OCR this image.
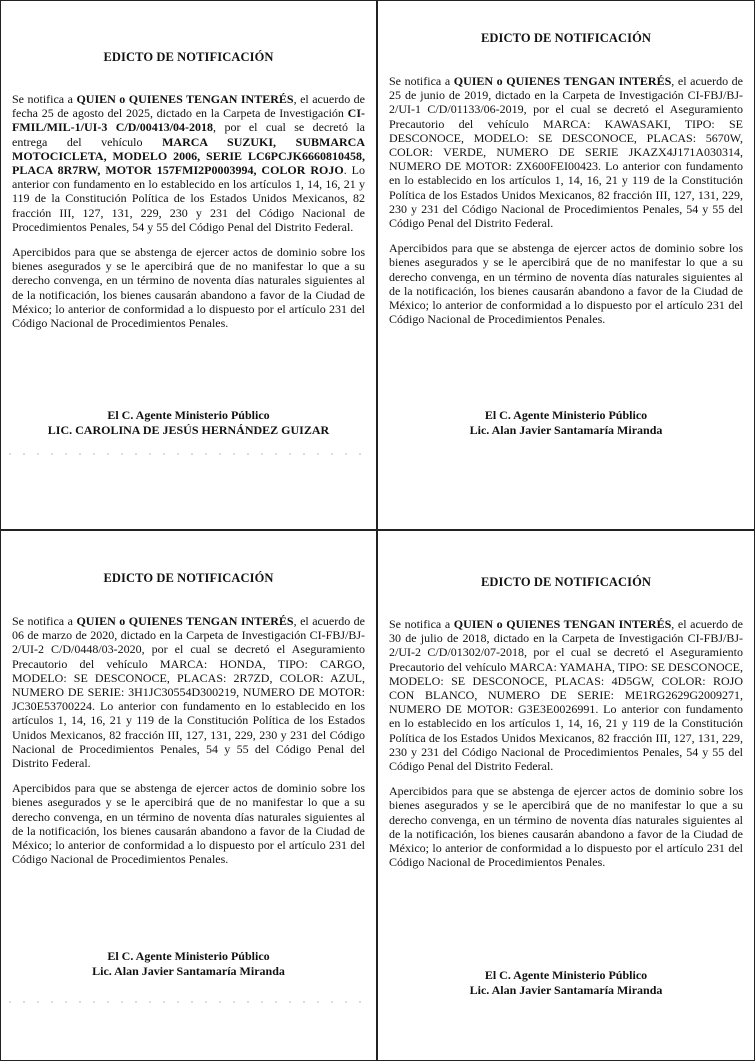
EDICTO DE NOTIFICACIÓN

Se notifica a QUIEN o QUIENES TENGAN INTERÉS, el acuerdo de fecha 25 de agosto del 2025, dictado en la Carpeta de Investigación CI-FMIL/MIL-1/UI-3 C/D/00413/04-2018, por el cual se decretó la entrega del vehículo MARCA SUZUKI, SUBMARCA MOTOCICLETA, MODELO 2006, SERIE LC6PCJK6660810458, PLACA 8R7RW, MOTOR 157FMI2P0003994, COLOR ROJO. Lo anterior con fundamento en lo establecido en los artículos 1, 14, 16, 21 y 119 de la Constitución Política de los Estados Unidos Mexicanos, 82 fracción III, 127, 131, 229, 230 y 231 del Código Nacional de Procedimientos Penales, 54 y 55 del Código Penal del Distrito Federal.

Apercibidos para que se abstenga de ejercer actos de dominio sobre los bienes asegurados y se le apercibirá que de no manifestar lo que a su derecho convenga, en un término de noventa días naturales siguientes al de la notificación, los bienes causarán abandono a favor de la Ciudad de México; lo anterior de conformidad a lo dispuesto por el artículo 231 del Código Nacional de Procedimientos Penales.

El C. Agente Ministerio Público
LIC. CAROLINA DE JESÚS HERNÁNDEZ GUIZAR
EDICTO DE NOTIFICACIÓN

Se notifica a QUIEN o QUIENES TENGAN INTERÉS, el acuerdo de 25 de junio de 2019, dictado en la Carpeta de Investigación CI-FBJ/BJ-2/UI-1 C/D/01133/06-2019, por el cual se decretó el Aseguramiento Precautorio del vehículo MARCA: KAWASAKI, TIPO: SE DESCONOCE, MODELO: SE DESCONOCE, PLACAS: 5670W, COLOR: VERDE, NUMERO DE SERIE JKAZX4J171A030314, NUMERO DE MOTOR: ZX600FEI00423. Lo anterior con fundamento en lo establecido en los artículos 1, 14, 16, 21 y 119 de la Constitución Política de los Estados Unidos Mexicanos, 82 fracción III, 127, 131, 229, 230 y 231 del Código Nacional de Procedimientos Penales, 54 y 55 del Código Penal del Distrito Federal.

Apercibidos para que se abstenga de ejercer actos de dominio sobre los bienes asegurados y se le apercibirá que de no manifestar lo que a su derecho convenga, en un término de noventa días naturales siguientes al de la notificación, los bienes causarán abandono a favor de la Ciudad de México; lo anterior de conformidad a lo dispuesto por el artículo 231 del Código Nacional de Procedimientos Penales.

El C. Agente Ministerio Público
Lic. Alan Javier Santamaría Miranda
EDICTO DE NOTIFICACIÓN

Se notifica a QUIEN o QUIENES TENGAN INTERÉS, el acuerdo de 06 de marzo de 2020, dictado en la Carpeta de Investigación CI-FBJ/BJ-2/UI-2 C/D/0448/03-2020, por el cual se decretó el Aseguramiento Precautorio del vehículo MARCA: HONDA, TIPO: CARGO, MODELO: SE DESCONOCE, PLACAS: 2R7ZD, COLOR: AZUL, NUMERO DE SERIE: 3H1JC30554D300219, NUMERO DE MOTOR: JC30E53700224. Lo anterior con fundamento en lo establecido en los artículos 1, 14, 16, 21 y 119 de la Constitución Política de los Estados Unidos Mexicanos, 82 fracción III, 127, 131, 229, 230 y 231 del Código Nacional de Procedimientos Penales, 54 y 55 del Código Penal del Distrito Federal.

Apercibidos para que se abstenga de ejercer actos de dominio sobre los bienes asegurados y se le apercibirá que de no manifestar lo que a su derecho convenga, en un término de noventa días naturales siguientes al de la notificación, los bienes causarán abandono a favor de la Ciudad de México; lo anterior de conformidad a lo dispuesto por el artículo 231 del Código Nacional de Procedimientos Penales.

El C. Agente Ministerio Público
Lic. Alan Javier Santamaría Miranda
EDICTO DE NOTIFICACIÓN

Se notifica a QUIEN o QUIENES TENGAN INTERÉS, el acuerdo de 30 de julio de 2018, dictado en la Carpeta de Investigación CI-FBJ/BJ-2/UI-2 C/D/01302/07-2018, por el cual se decretó el Aseguramiento Precautorio del vehículo MARCA: YAMAHA, TIPO: SE DESCONOCE, MODELO: SE DESCONOCE, PLACAS: 4D5GW, COLOR: ROJO CON BLANCO, NUMERO DE SERIE: ME1RG2629G2009271, NUMERO DE MOTOR: G3E3E0026991. Lo anterior con fundamento en lo establecido en los artículos 1, 14, 16, 21 y 119 de la Constitución Política de los Estados Unidos Mexicanos, 82 fracción III, 127, 131, 229, 230 y 231 del Código Nacional de Procedimientos Penales, 54 y 55 del Código Penal del Distrito Federal.

Apercibidos para que se abstenga de ejercer actos de dominio sobre los bienes asegurados y se le apercibirá que de no manifestar lo que a su derecho convenga, en un término de noventa días naturales siguientes al de la notificación, los bienes causarán abandono a favor de la Ciudad de México; lo anterior de conformidad a lo dispuesto por el artículo 231 del Código Nacional de Procedimientos Penales.

El C. Agente Ministerio Público
Lic. Alan Javier Santamaría Miranda
